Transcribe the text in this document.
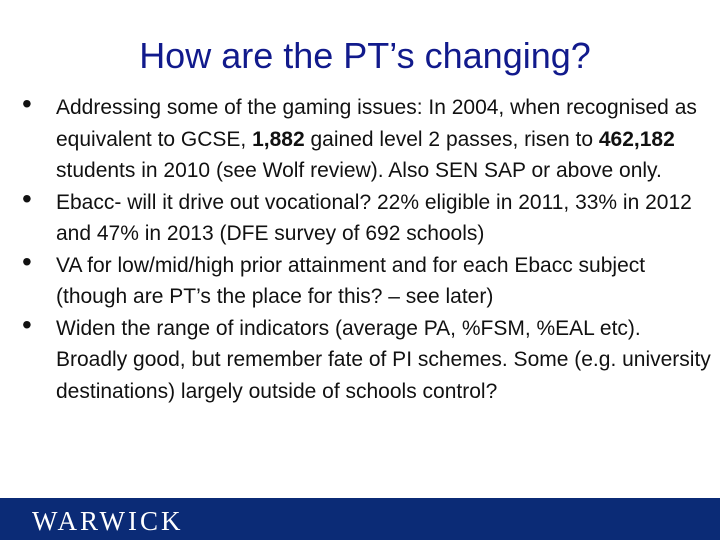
How are the PT’s changing?
• Addressing some of the gaming issues: In 2004, when recognised as equivalent to GCSE, 1,882 gained level 2 passes, risen to 462,182 students in 2010 (see Wolf review). Also SEN SAP or above only.
• Ebacc- will it drive out vocational? 22% eligible in 2011, 33% in 2012 and 47% in 2013 (DFE survey of 692 schools)
• VA for low/mid/high prior attainment and for each Ebacc subject (though are PT’s the place for this? – see later)
• Widen the range of indicators (average PA, %FSM, %EAL etc). Broadly good, but remember fate of PI schemes. Some (e.g. university destinations) largely outside of schools control?
WARWICK
